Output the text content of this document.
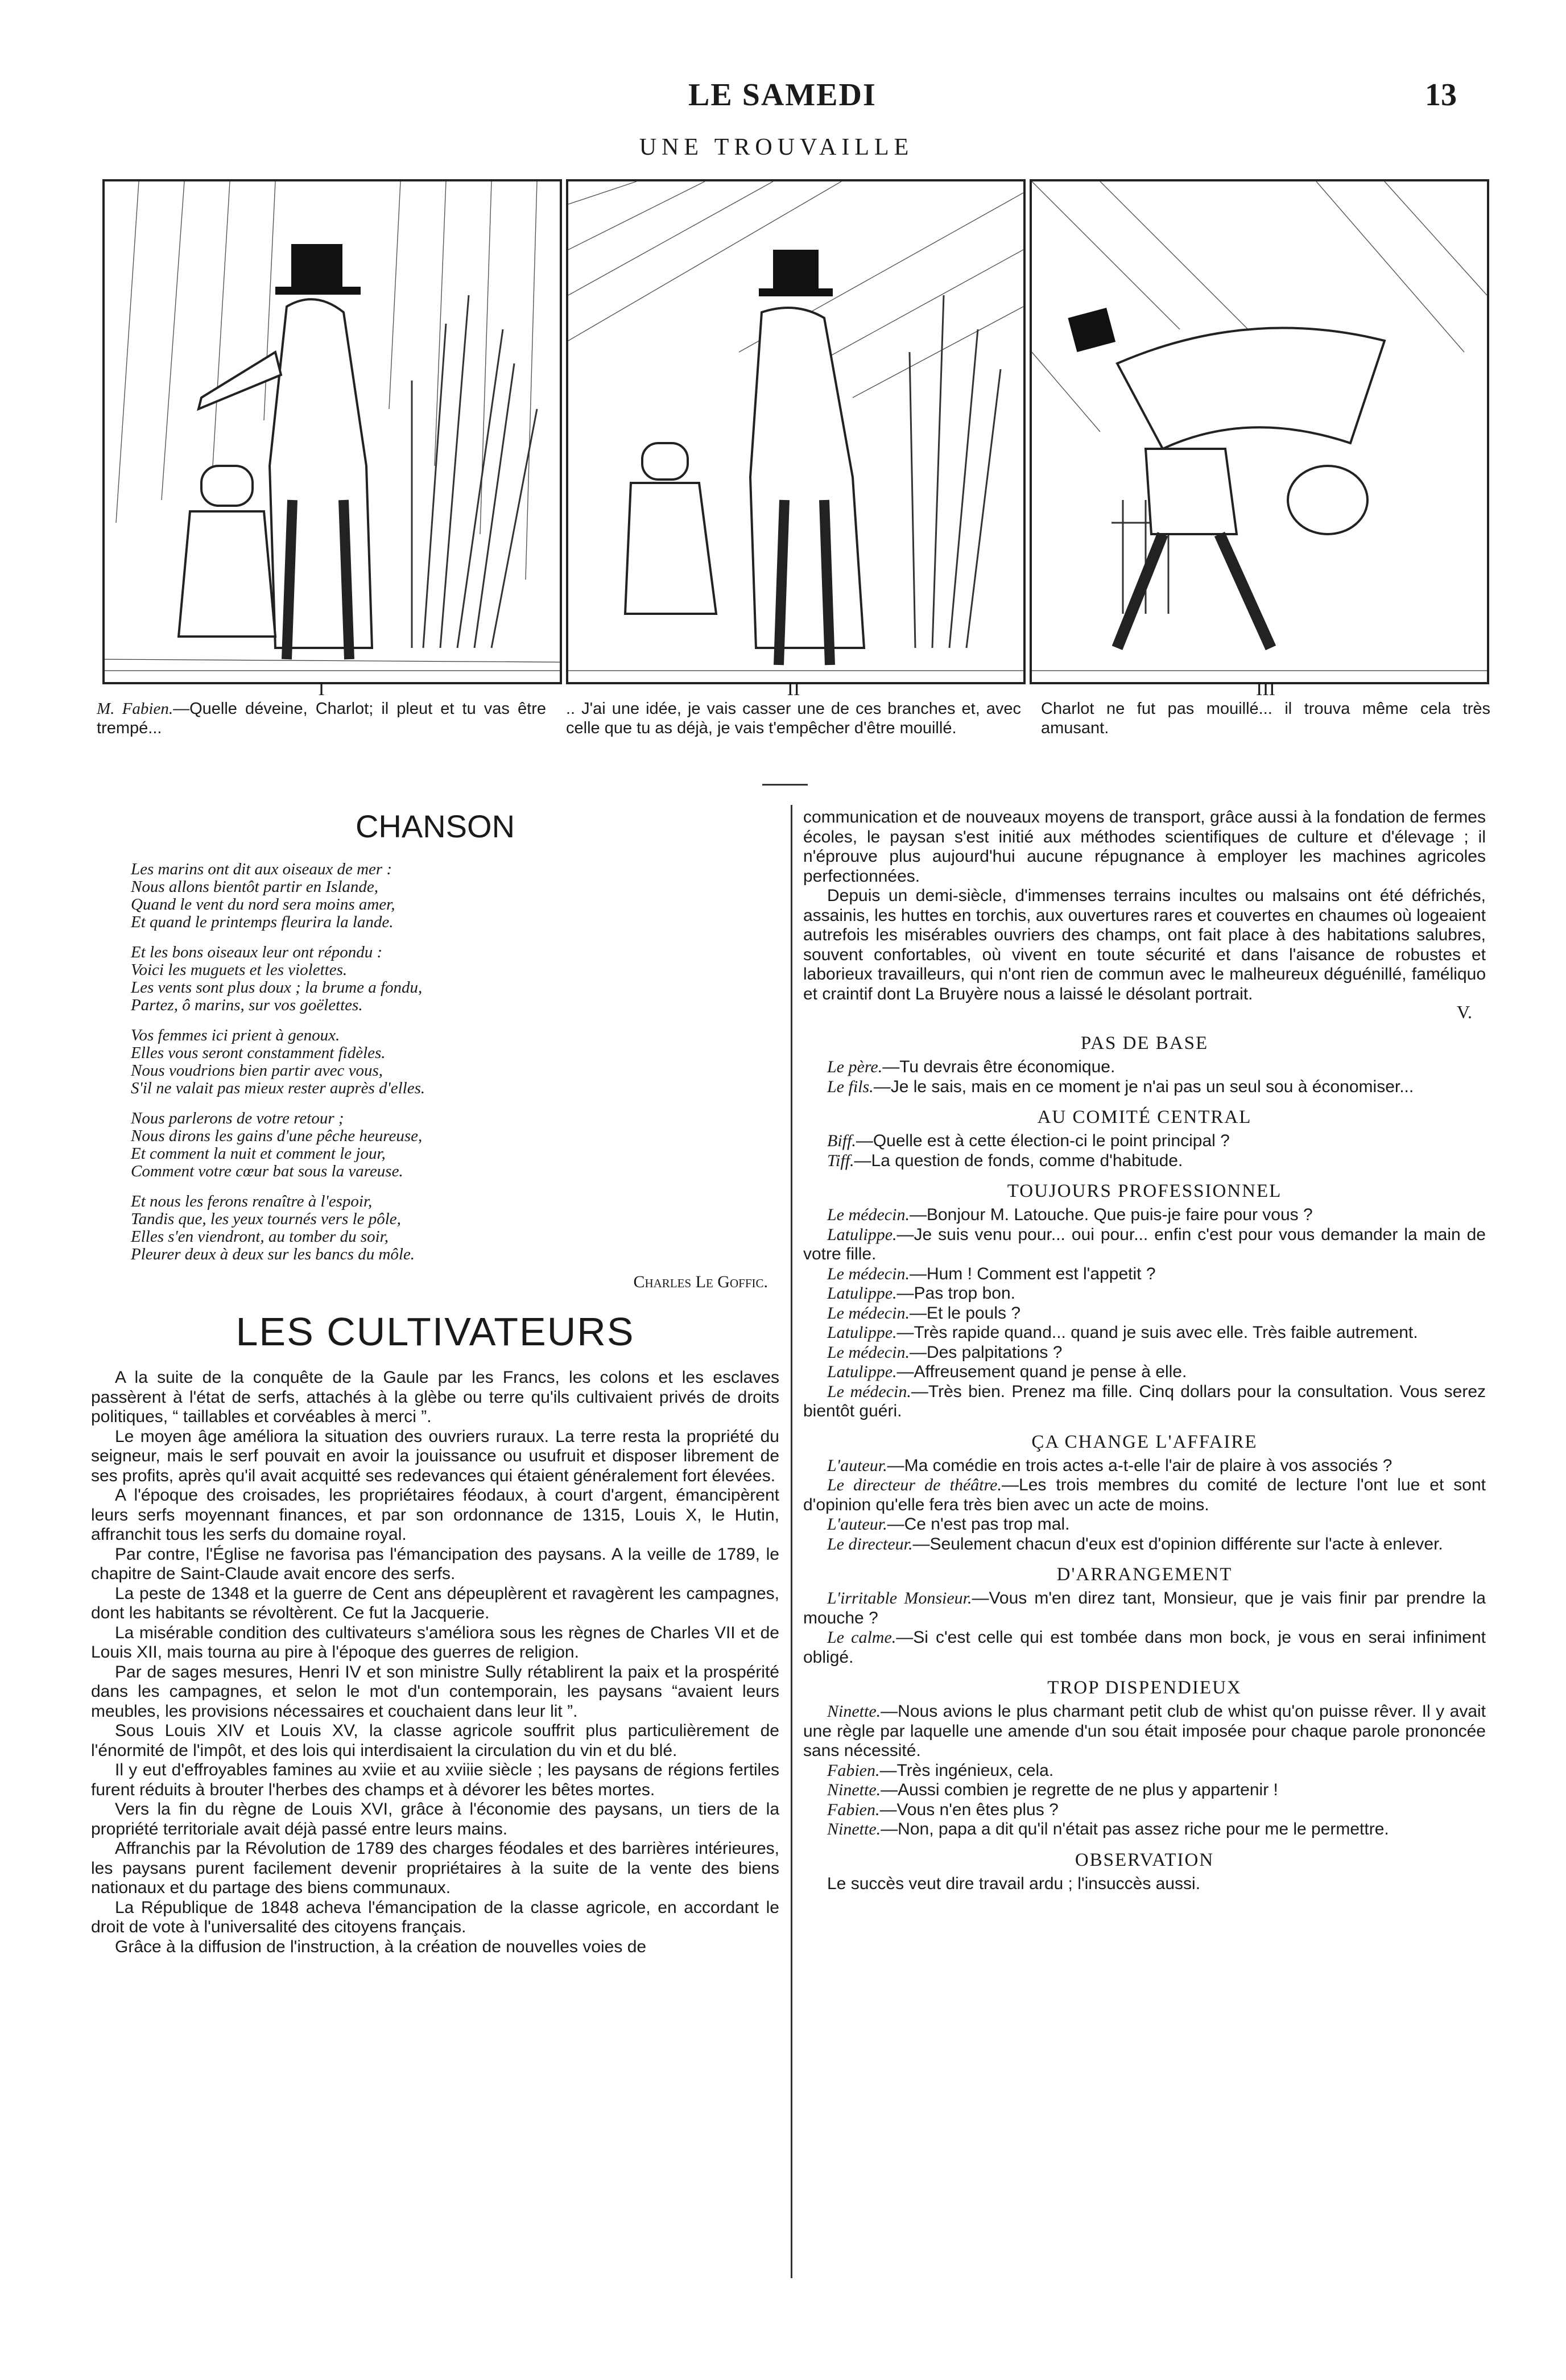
LE SAMEDI	13
UNE TROUVAILLE
I
M. Fabien.—Quelle déveine, Charlot; il pleut et tu vas être trempé...
II
.. J'ai une idée, je vais casser une de ces branches et, avec celle que tu as déjà, je vais t'empêcher d'être mouillé.
III
Charlot ne fut pas mouillé... il trouva même cela très amusant.
CHANSON
Les marins ont dit aux oiseaux de mer :
Nous allons bientôt partir en Islande,
Quand le vent du nord sera moins amer,
Et quand le printemps fleurira la lande.
Et les bons oiseaux leur ont répondu :
Voici les muguets et les violettes.
Les vents sont plus doux ; la brume a fondu,
Partez, ô marins, sur vos goëlettes.
Vos femmes ici prient à genoux.
Elles vous seront constamment fidèles.
Nous voudrions bien partir avec vous,
S'il ne valait pas mieux rester auprès d'elles.
Nous parlerons de votre retour ;
Nous dirons les gains d'une pêche heureuse,
Et comment la nuit et comment le jour,
Comment votre cœur bat sous la vareuse.
Et nous les ferons renaître à l'espoir,
Tandis que, les yeux tournés vers le pôle,
Elles s'en viendront, au tomber du soir,
Pleurer deux à deux sur les bancs du môle.
Charles Le Goffic.
LES CULTIVATEURS

A la suite de la conquête de la Gaule par les Francs, les colons et les esclaves passèrent à l'état de serfs, attachés à la glèbe ou terre qu'ils cultivaient privés de droits politiques, “ taillables et corvéables à merci ”.

Le moyen âge améliora la situation des ouvriers ruraux. La terre resta la propriété du seigneur, mais le serf pouvait en avoir la jouissance ou usufruit et disposer librement de ses profits, après qu'il avait acquitté ses redevances qui étaient généralement fort élevées.

A l'époque des croisades, les propriétaires féodaux, à court d'argent, émancipèrent leurs serfs moyennant finances, et par son ordonnance de 1315, Louis X, le Hutin, affranchit tous les serfs du domaine royal.

Par contre, l'Église ne favorisa pas l'émancipation des paysans. A la veille de 1789, le chapitre de Saint-Claude avait encore des serfs.

La peste de 1348 et la guerre de Cent ans dépeuplèrent et ravagèrent les campagnes, dont les habitants se révoltèrent. Ce fut la Jacquerie.

La misérable condition des cultivateurs s'améliora sous les règnes de Charles VII et de Louis XII, mais tourna au pire à l'époque des guerres de religion.

Par de sages mesures, Henri IV et son ministre Sully rétablirent la paix et la prospérité dans les campagnes, et selon le mot d'un contemporain, les paysans “avaient leurs meubles, les provisions nécessaires et couchaient dans leur lit ”.

Sous Louis XIV et Louis XV, la classe agricole souffrit plus particulièrement de l'énormité de l'impôt, et des lois qui interdisaient la circulation du vin et du blé.

Il y eut d'effroyables famines au xviie et au xviiie siècle ; les paysans de régions fertiles furent réduits à brouter l'herbes des champs et à dévorer les bêtes mortes.

Vers la fin du règne de Louis XVI, grâce à l'économie des paysans, un tiers de la propriété territoriale avait déjà passé entre leurs mains.

Affranchis par la Révolution de 1789 des charges féodales et des barrières intérieures, les paysans purent facilement devenir propriétaires à la suite de la vente des biens nationaux et du partage des biens communaux.

La République de 1848 acheva l'émancipation de la classe agricole, en accordant le droit de vote à l'universalité des citoyens français.

Grâce à la diffusion de l'instruction, à la création de nouvelles voies de

communication et de nouveaux moyens de transport, grâce aussi à la fondation de fermes écoles, le paysan s'est initié aux méthodes scientifiques de culture et d'élevage ; il n'éprouve plus aujourd'hui aucune répugnance à employer les machines agricoles perfectionnées.

Depuis un demi-siècle, d'immenses terrains incultes ou malsains ont été défrichés, assainis, les huttes en torchis, aux ouvertures rares et couvertes en chaumes où logeaient autrefois les misérables ouvriers des champs, ont fait place à des habitations salubres, souvent confortables, où vivent en toute sécurité et dans l'aisance de robustes et laborieux travailleurs, qui n'ont rien de commun avec le malheureux déguénillé, faméliquo et craintif dont La Bruyère nous a laissé le désolant portrait.

V.
PAS DE BASE

Le père.—Tu devrais être économique.

Le fils.—Je le sais, mais en ce moment je n'ai pas un seul sou à économiser...

AU COMITÉ CENTRAL

Biff.—Quelle est à cette élection-ci le point principal ?

Tiff.—La question de fonds, comme d'habitude.

TOUJOURS PROFESSIONNEL

Le médecin.—Bonjour M. Latouche. Que puis-je faire pour vous ?

Latulippe.—Je suis venu pour... oui pour... enfin c'est pour vous demander la main de votre fille.

Le médecin.—Hum ! Comment est l'appetit ?

Latulippe.—Pas trop bon.

Le médecin.—Et le pouls ?

Latulippe.—Très rapide quand... quand je suis avec elle. Très faible autrement.

Le médecin.—Des palpitations ?

Latulippe.—Affreusement quand je pense à elle.

Le médecin.—Très bien. Prenez ma fille. Cinq dollars pour la consultation. Vous serez bientôt guéri.

ÇA CHANGE L'AFFAIRE

L'auteur.—Ma comédie en trois actes a-t-elle l'air de plaire à vos associés ?

Le directeur de théâtre.—Les trois membres du comité de lecture l'ont lue et sont d'opinion qu'elle fera très bien avec un acte de moins.

L'auteur.—Ce n'est pas trop mal.

Le directeur.—Seulement chacun d'eux est d'opinion différente sur l'acte à enlever.

D'ARRANGEMENT

L'irritable Monsieur.—Vous m'en direz tant, Monsieur, que je vais finir par prendre la mouche ?

Le calme.—Si c'est celle qui est tombée dans mon bock, je vous en serai infiniment obligé.

TROP DISPENDIEUX

Ninette.—Nous avions le plus charmant petit club de whist qu'on puisse rêver. Il y avait une règle par laquelle une amende d'un sou était imposée pour chaque parole prononcée sans nécessité.

Fabien.—Très ingénieux, cela.

Ninette.—Aussi combien je regrette de ne plus y appartenir !

Fabien.—Vous n'en êtes plus ?

Ninette.—Non, papa a dit qu'il n'était pas assez riche pour me le permettre.

OBSERVATION

Le succès veut dire travail ardu ; l'insuccès aussi.
